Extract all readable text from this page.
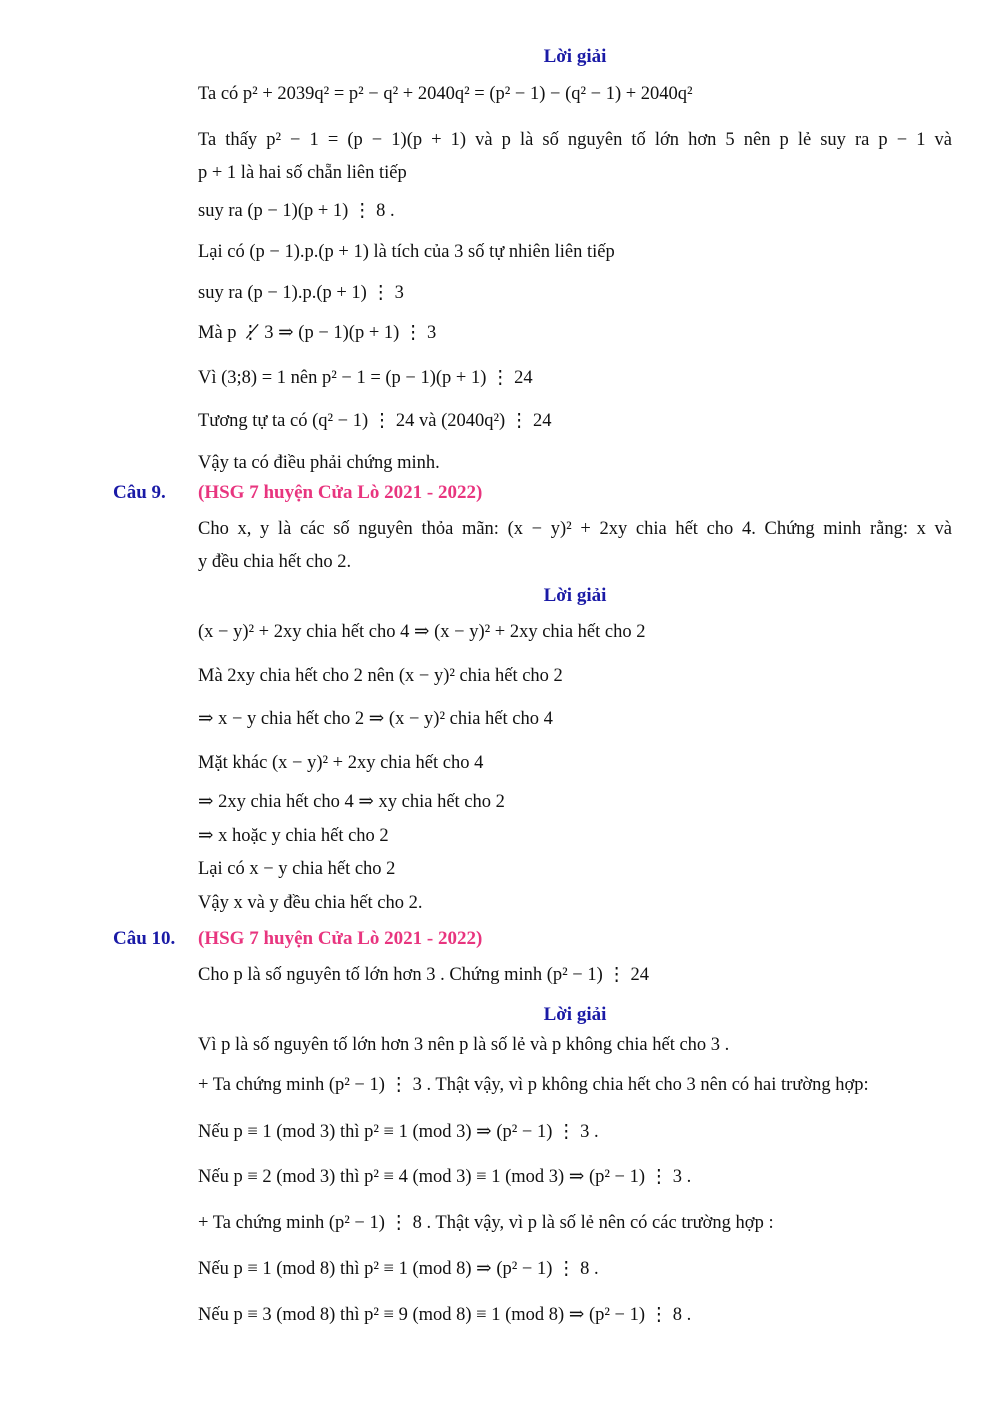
Lời giải
Ta có p² + 2039q² = p² − q² + 2040q² = (p² − 1) − (q² − 1) + 2040q²
Ta thấy p² − 1 = (p − 1)(p + 1) và p là số nguyên tố lớn hơn 5 nên p lẻ suy ra p − 1 và
p + 1 là hai số chẵn liên tiếp
suy ra (p − 1)(p + 1) ⋮ 8 .
Lại có (p − 1).p.(p + 1) là tích của 3 số tự nhiên liên tiếp
suy ra (p − 1).p.(p + 1) ⋮ 3
Mà p ⋮̸ 3 ⇒ (p − 1)(p + 1) ⋮ 3
Vì (3;8) = 1 nên p² − 1 = (p − 1)(p + 1) ⋮ 24
Tương tự ta có (q² − 1) ⋮ 24 và (2040q²) ⋮ 24
Vậy ta có điều phải chứng minh.
Câu 9. (HSG 7 huyện Cửa Lò 2021 - 2022)
Cho x, y là các số nguyên thỏa mãn: (x − y)² + 2xy chia hết cho 4. Chứng minh rằng: x và
y đều chia hết cho 2.
Lời giải
(x − y)² + 2xy chia hết cho 4 ⇒ (x − y)² + 2xy chia hết cho 2
Mà 2xy chia hết cho 2 nên (x − y)² chia hết cho 2
⇒ x − y chia hết cho 2 ⇒ (x − y)² chia hết cho 4
Mặt khác (x − y)² + 2xy chia hết cho 4
⇒ 2xy chia hết cho 4 ⇒ xy chia hết cho 2
⇒ x hoặc y chia hết cho 2
Lại có x − y chia hết cho 2
Vậy x và y đều chia hết cho 2.
Câu 10. (HSG 7 huyện Cửa Lò 2021 - 2022)
Cho p là số nguyên tố lớn hơn 3 . Chứng minh (p² − 1) ⋮ 24
Lời giải
Vì p là số nguyên tố lớn hơn 3 nên p là số lẻ và p không chia hết cho 3 .
+ Ta chứng minh (p² − 1) ⋮ 3 . Thật vậy, vì p không chia hết cho 3 nên có hai trường hợp:
Nếu p ≡ 1 (mod 3) thì p² ≡ 1 (mod 3) ⇒ (p² − 1) ⋮ 3 .
Nếu p ≡ 2 (mod 3) thì p² ≡ 4 (mod 3) ≡ 1 (mod 3) ⇒ (p² − 1) ⋮ 3 .
+ Ta chứng minh (p² − 1) ⋮ 8 . Thật vậy, vì p là số lẻ nên có các trường hợp :
Nếu p ≡ 1 (mod 8) thì p² ≡ 1 (mod 8) ⇒ (p² − 1) ⋮ 8 .
Nếu p ≡ 3 (mod 8) thì p² ≡ 9 (mod 8) ≡ 1 (mod 8) ⇒ (p² − 1) ⋮ 8 .
